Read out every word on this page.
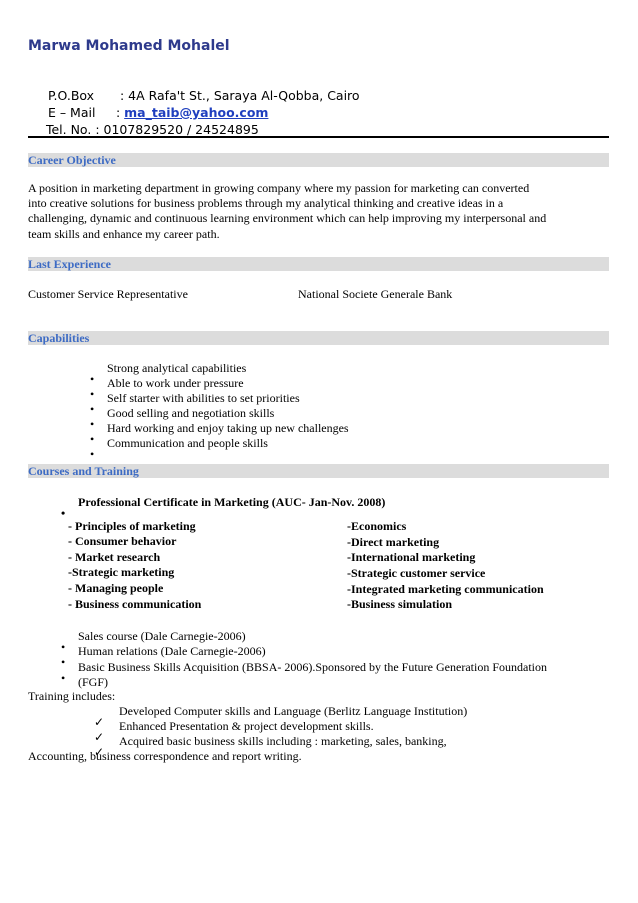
Marwa Mohamed Mohalel

P.O.Box : 4A Rafa't St., Saraya Al-Qobba, Cairo

E – Mail : ma_taib@yahoo.com

Tel. No. : 0107829520 / 24524895

Career Objective
A position in marketing department in growing company where my passion for marketing can converted
into creative solutions for business problems through my analytical thinking and creative ideas in a
challenging, dynamic and continuous learning environment which can help improving my interpersonal and
team skills and enhance my career path.
Last Experience
Customer Service Representative	National Societe Generale Bank
Capabilities
Strong analytical capabilities
Able to work under pressure
Self starter with abilities to set priorities
Good selling and negotiation skills
Hard working and enjoy taking up new challenges
Communication and people skills
Courses and Training
Professional Certificate in Marketing (AUC- Jan-Nov. 2008)
- Principles of marketing
- Consumer behavior
- Market research
-Strategic marketing
- Managing people
- Business communication
-Economics
-Direct marketing
-International marketing
-Strategic customer service
-Integrated marketing communication
-Business simulation
Sales course (Dale Carnegie-2006)
Human relations (Dale Carnegie-2006)
Basic Business Skills Acquisition (BBSA- 2006).Sponsored by the Future Generation Foundation
(FGF)
Training includes:
Developed Computer skills and Language (Berlitz Language Institution)
Enhanced Presentation & project development skills.
Acquired basic business skills including : marketing, sales, banking,
Accounting, business correspondence and report writing.
